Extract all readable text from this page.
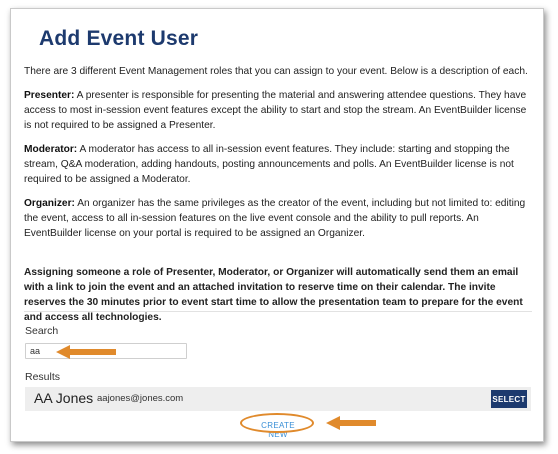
Add Event User

There are 3 different Event Management roles that you can assign to your event. Below is a description of each.

Presenter: A presenter is responsible for presenting the material and answering attendee questions. They have access to most in-session event features except the ability to start and stop the stream. An EventBuilder license is not required to be assigned a Presenter.

Moderator: A moderator has access to all in-session event features. They include: starting and stopping the stream, Q&A moderation, adding handouts, posting announcements and polls. An EventBuilder license is not required to be assigned a Moderator.

Organizer: An organizer has the same privileges as the creator of the event, including but not limited to: editing the event, access to all in-session features on the live event console and the ability to pull reports. An EventBuilder license on your portal is required to be assigned an Organizer.

Assigning someone a role of Presenter, Moderator, or Organizer will automatically send them an email with a link to join the event and an attached invitation to reserve time on their calendar. The invite reserves the 30 minutes prior to event start time to allow the presentation team to prepare for the event and access all technologies.

Search
aa
Results
AA Jones aajones@jones.com	SELECT
CREATE NEW
